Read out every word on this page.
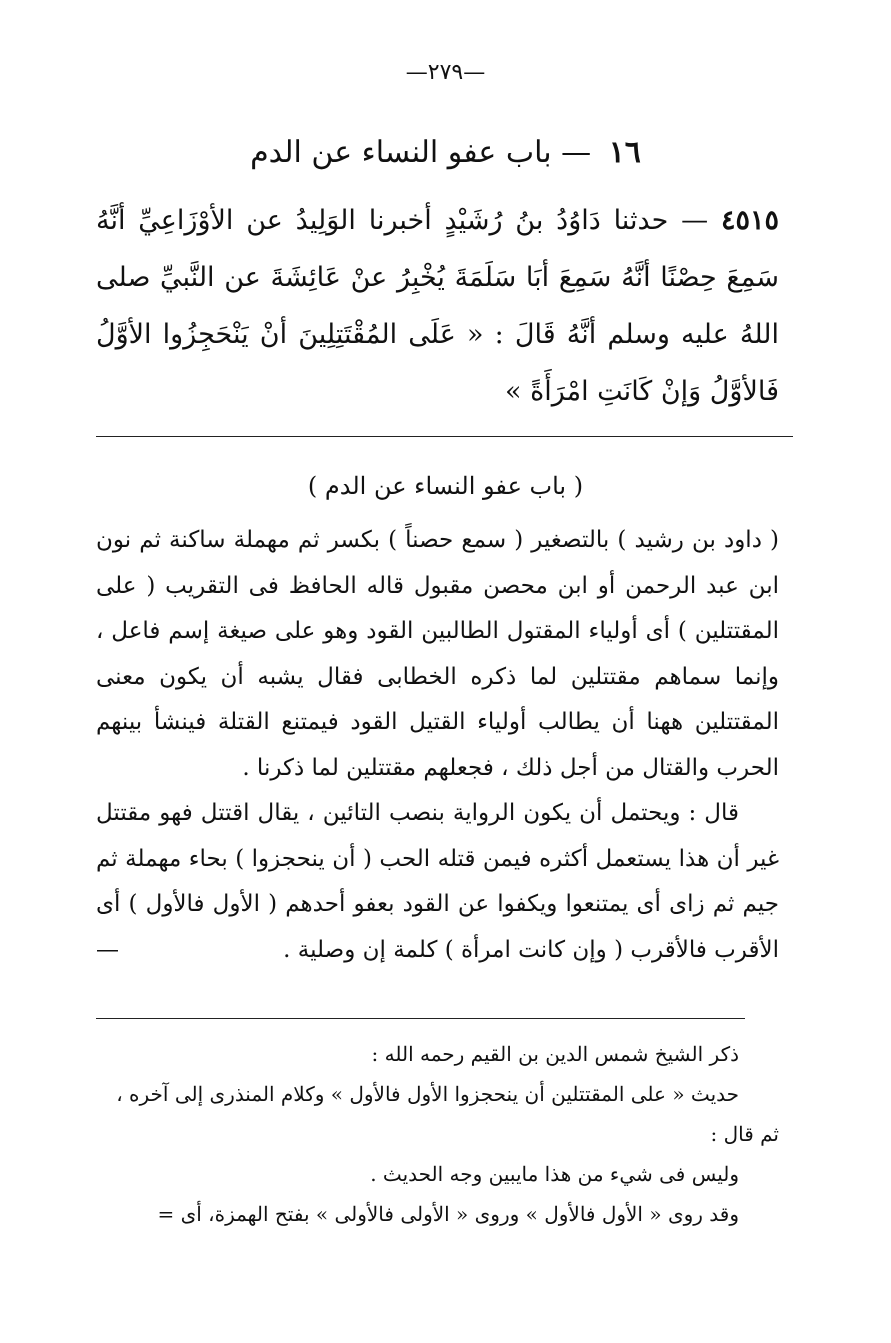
—٢٧٩—
١٦ — باب عفو النساء عن الدم
٤٥١٥ — حدثنا دَاوُدُ بنُ رُشَيْدٍ أخبرنا الوَلِيدُ عن الأوْزَاعِيِّ أنَّهُ سَمِعَ حِصْنًا أنَّهُ سَمِعَ أبَا سَلَمَةَ يُخْبِرُ عنْ عَائِشَةَ عن النَّبيِّ صلى اللهُ عليه وسلم أنَّهُ قَالَ : « عَلَى المُقْتَتِلِينَ أنْ يَنْحَجِزُوا الأوَّلُ فَالأوَّلُ وَإنْ كَانَتِ امْرَأَةً »
( باب عفو النساء عن الدم )

( داود بن رشيد ) بالتصغير ( سمع حصناً ) بكسر ثم مهملة ساكنة ثم نون ابن عبد الرحمن أو ابن محصن مقبول قاله الحافظ فى التقريب ( على المقتتلين ) أى أولياء المقتول الطالبين القود وهو على صيغة إسم فاعل ، وإنما سماهم مقتتلين لما ذكره الخطابى فقال يشبه أن يكون معنى المقتتلين ههنا أن يطالب أولياء القتيل القود فيمتنع القتلة فينشأ بينهم الحرب والقتال من أجل ذلك ، فجعلهم مقتتلين لما ذكرنا .

قال : ويحتمل أن يكون الرواية بنصب التائين ، يقال اقتتل فهو مقتتل غير أن هذا يستعمل أكثره فيمن قتله الحب ( أن ينحجزوا ) بحاء مهملة ثم جيم ثم زاى أى يمتنعوا ويكفوا عن القود بعفو أحدهم ( الأول فالأول ) أى الأقرب فالأقرب ( وإن كانت امرأة ) كلمة إن وصلية .
—

ذكر الشيخ شمس الدين بن القيم رحمه الله :

حديث « على المقتتلين أن ينحجزوا الأول فالأول » وكلام المنذرى إلى آخره ،

ثم قال :

وليس فى شيء من هذا مايبين وجه الحديث .

وقد روى « الأول فالأول » وروى « الأولى فالأولى » بفتح الهمزة، أى =
